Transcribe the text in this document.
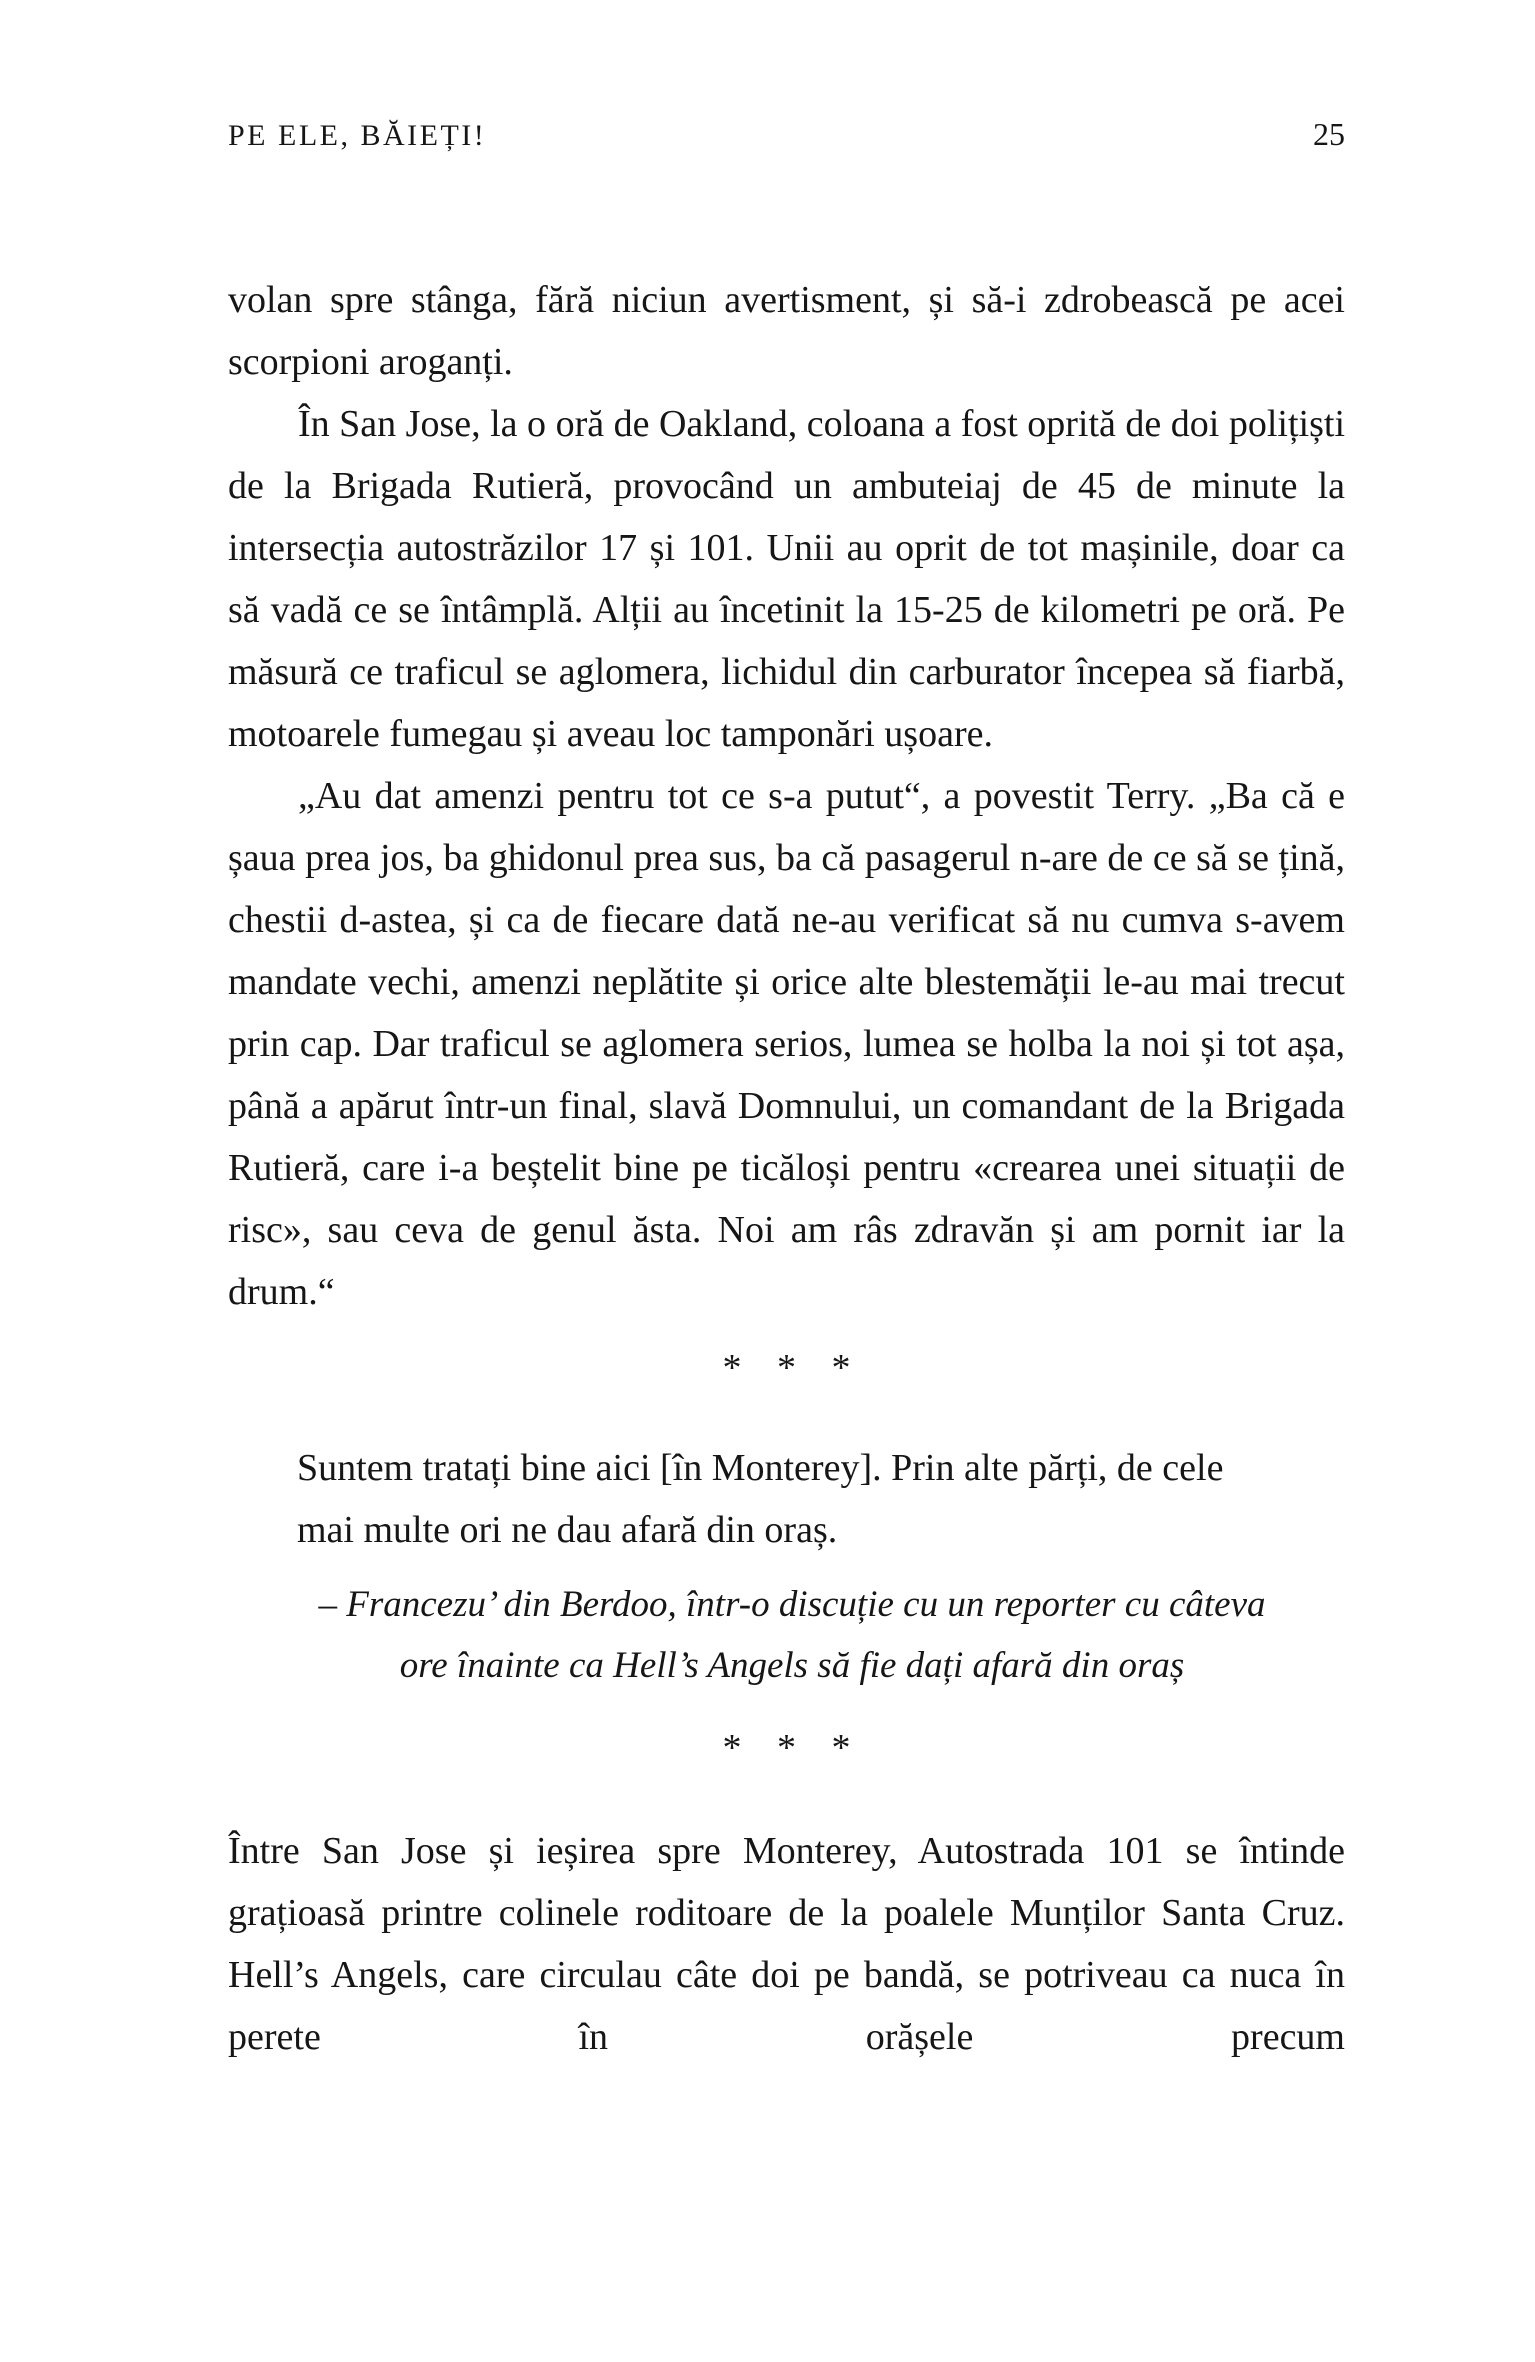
PE ELE, BĂIEȚI!	25

volan spre stânga, fără niciun avertisment, și să-i zdrobească pe acei scorpioni aroganți.

În San Jose, la o oră de Oakland, coloana a fost oprită de doi polițiști de la Brigada Rutieră, provocând un ambuteiaj de 45 de minute la intersecția autostrăzilor 17 și 101. Unii au oprit de tot mașinile, doar ca să vadă ce se întâmplă. Alții au încetinit la 15-25 de kilometri pe oră. Pe măsură ce traficul se aglomera, lichidul din carburator începea să fiarbă, motoarele fumegau și aveau loc tamponări ușoare.

„Au dat amenzi pentru tot ce s-a putut“, a povestit Terry. „Ba că e șaua prea jos, ba ghidonul prea sus, ba că pasagerul n-are de ce să se țină, chestii d-astea, și ca de fiecare dată ne-au verificat să nu cumva s-avem mandate vechi, amenzi neplătite și orice alte blestemății le-au mai trecut prin cap. Dar traficul se aglomera serios, lumea se holba la noi și tot așa, până a apărut într-un final, slavă Domnului, un comandant de la Brigada Rutieră, care i-a beștelit bine pe ticăloși pentru «crearea unei situații de risc», sau ceva de genul ăsta. Noi am râs zdravăn și am pornit iar la drum.“

* * *
Suntem tratați bine aici [în Monterey]. Prin alte părți, de cele mai multe ori ne dau afară din oraș.

– Francezu’ din Berdoo, într-o discuție cu un reporter cu câteva ore înainte ca Hell’s Angels să fie dați afară din oraș

* * *

Între San Jose și ieșirea spre Monterey, Autostrada 101 se întinde grațioasă printre colinele roditoare de la poalele Munților Santa Cruz. Hell’s Angels, care circulau câte doi pe bandă, se potriveau ca nuca în perete în orășele precum
